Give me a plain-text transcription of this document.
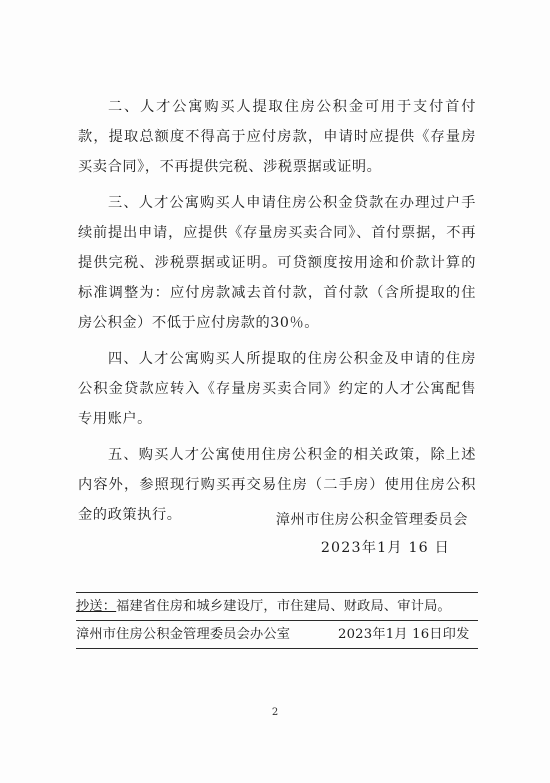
二、人才公寓购买人提取住房公积金可用于支付首付款，提取总额度不得高于应付房款，申请时应提供《存量房买卖合同》，不再提供完税、涉税票据或证明。

三、人才公寓购买人申请住房公积金贷款在办理过户手续前提出申请，应提供《存量房买卖合同》、首付票据，不再提供完税、涉税票据或证明。可贷额度按用途和价款计算的标准调整为：应付房款减去首付款，首付款（含所提取的住房公积金）不低于应付房款的30％。

四、人才公寓购买人所提取的住房公积金及申请的住房公积金贷款应转入《存量房买卖合同》约定的人才公寓配售专用账户。

五、购买人才公寓使用住房公积金的相关政策，除上述内容外，参照现行购买再交易住房（二手房）使用住房公积金的政策执行。	漳州市住房公积金管理委员会
2023年1月 16 日
抄送：福建省住房和城乡建设厅，市住建局、财政局、审计局。
漳州市住房公积金管理委员会办公室	2023年1月 16日印发
2
